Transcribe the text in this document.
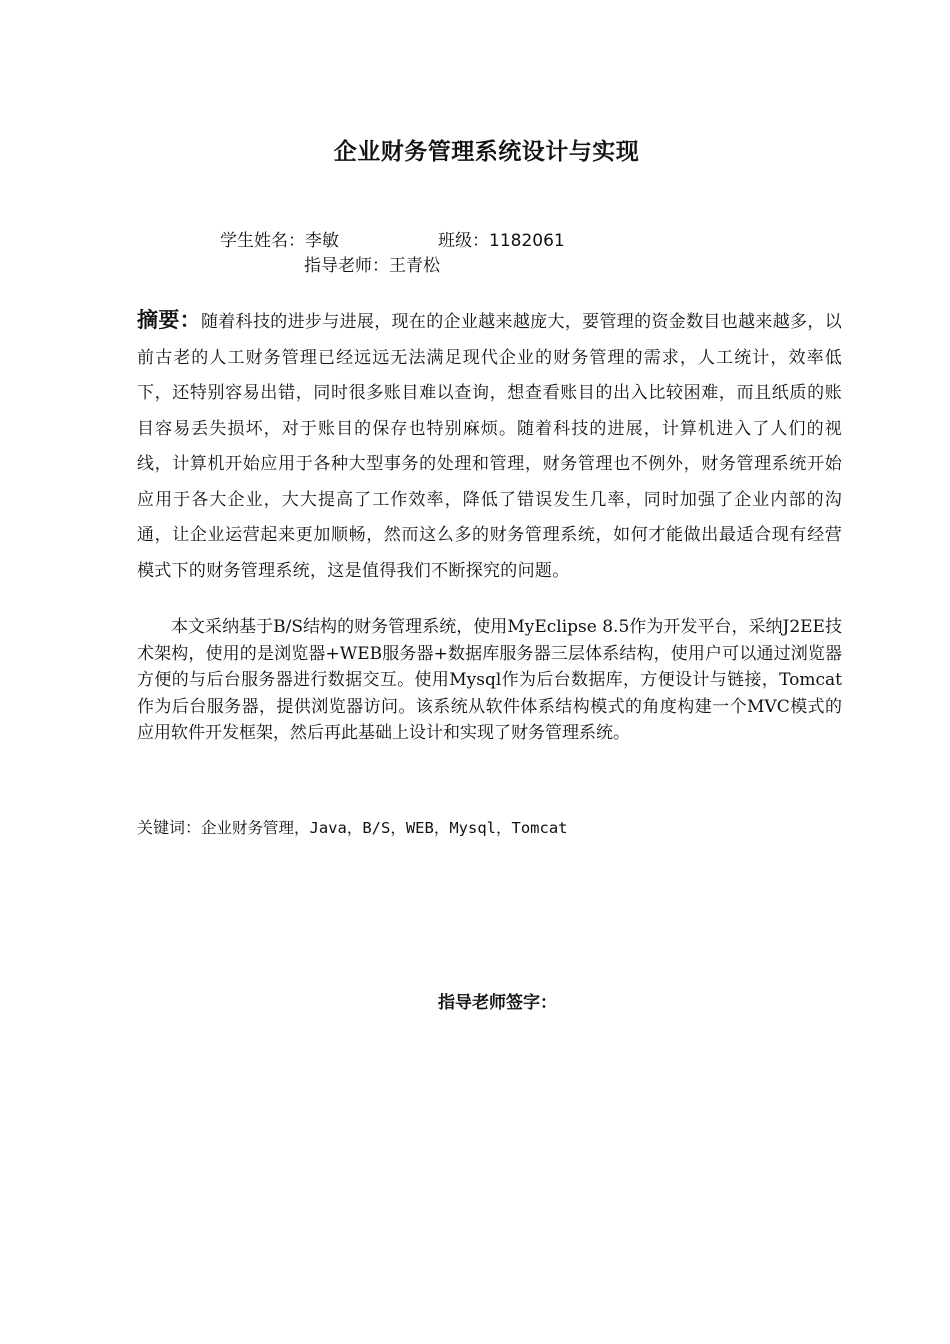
企业财务管理系统设计与实现
学生姓名：李敏	班级：1182061
指导老师：王青松
摘要：随着科技的进步与进展，现在的企业越来越庞大，要管理的资金数目也越来越多，以前古老的人工财务管理已经远远无法满足现代企业的财务管理的需求，人工统计，效率低下，还特别容易出错，同时很多账目难以查询，想查看账目的出入比较困难，而且纸质的账目容易丢失损坏，对于账目的保存也特别麻烦。随着科技的进展，计算机进入了人们的视线，计算机开始应用于各种大型事务的处理和管理，财务管理也不例外，财务管理系统开始应用于各大企业，大大提高了工作效率，降低了错误发生几率，同时加强了企业内部的沟通，让企业运营起来更加顺畅，然而这么多的财务管理系统，如何才能做出最适合现有经营模式下的财务管理系统，这是值得我们不断探究的问题。
本文采纳基于B/S结构的财务管理系统，使用MyEclipse 8.5作为开发平台，采纳J2EE技术架构，使用的是浏览器+WEB服务器+数据库服务器三层体系结构，使用户可以通过浏览器方便的与后台服务器进行数据交互。使用Mysql作为后台数据库，方便设计与链接，Tomcat作为后台服务器，提供浏览器访问。该系统从软件体系结构模式的角度构建一个MVC模式的应用软件开发框架，然后再此基础上设计和实现了财务管理系统。
关键词：企业财务管理，Java，B/S，WEB，Mysql，Tomcat
指导老师签字：
